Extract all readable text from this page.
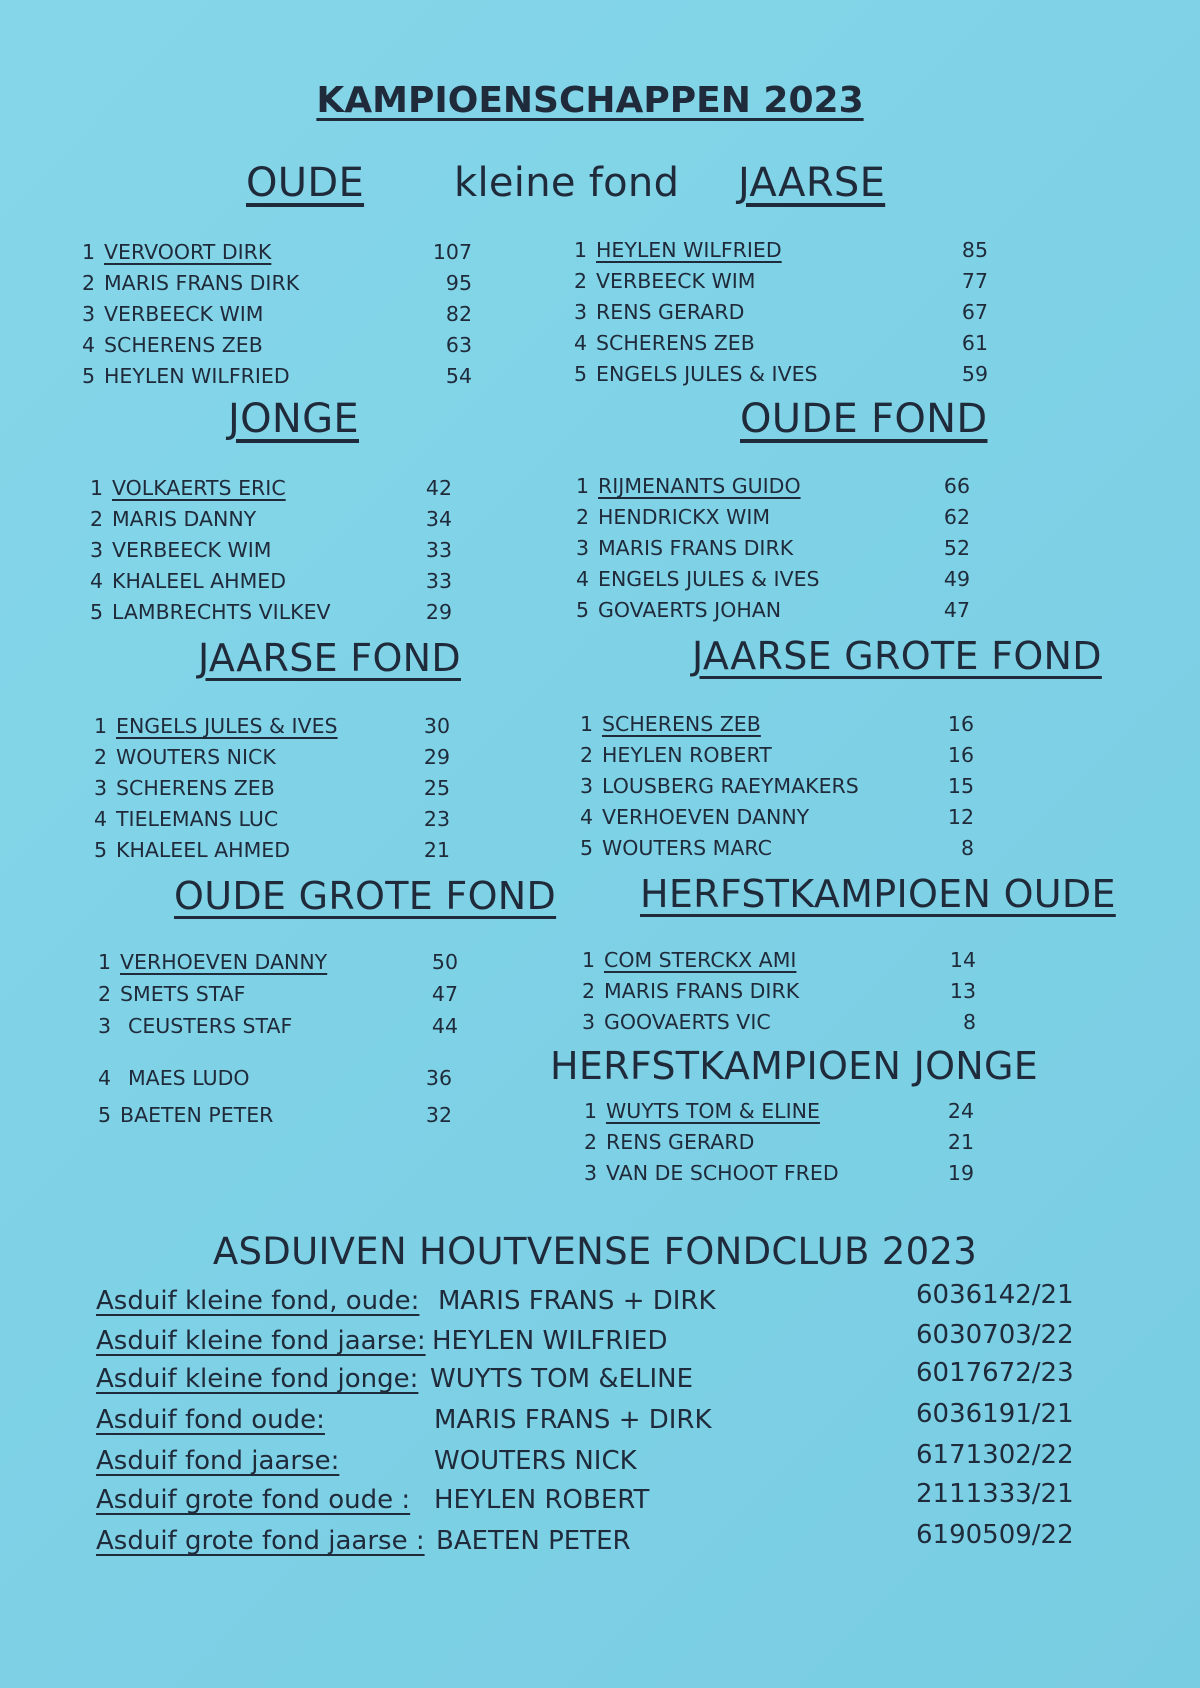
KAMPIOENSCHAPPEN 2023
OUDE kleine fond JAARSE
1 VERVOORT DIRK	107
2 MARIS FRANS DIRK	95
3 VERBEECK WIM	82
4 SCHERENS ZEB	63
5 HEYLEN WILFRIED	54
1 HEYLEN WILFRIED	85
2 VERBEECK WIM	77
3 RENS GERARD	67
4 SCHERENS ZEB	61
5 ENGELS JULES & IVES	59
JONGE	OUDE FOND
1 VOLKAERTS ERIC	42
2 MARIS DANNY	34
3 VERBEECK WIM	33
4 KHALEEL AHMED	33
5 LAMBRECHTS VILKEV	29
1 RIJMENANTS GUIDO	66
2 HENDRICKX WIM	62
3 MARIS FRANS DIRK	52
4 ENGELS JULES & IVES	49
5 GOVAERTS JOHAN	47
JAARSE FOND	JAARSE GROTE FOND
1 ENGELS JULES & IVES	30
2 WOUTERS NICK	29
3 SCHERENS ZEB	25
4 TIELEMANS LUC	23
5 KHALEEL AHMED	21
1 SCHERENS ZEB	16
2 HEYLEN ROBERT	16
3 LOUSBERG RAEYMAKERS	15
4 VERHOEVEN DANNY	12
5 WOUTERS MARC	8
OUDE GROTE FOND HERFSTKAMPIOEN OUDE
1 VERHOEVEN DANNY	50
2 SMETS STAF	47
3 CEUSTERS STAF	44
4 MAES LUDO	36
5 BAETEN PETER	32
1 COM STERCKX AMI	14
2 MARIS FRANS DIRK	13
3 GOOVAERTS VIC	8
HERFSTKAMPIOEN JONGE
1 WUYTS TOM & ELINE	24
2 RENS GERARD	21
3 VAN DE SCHOOT FRED	19
ASDUIVEN HOUTVENSE FONDCLUB 2023
Asduif kleine fond, oude: MARIS FRANS + DIRK	6036142/21
Asduif kleine fond jaarse: HEYLEN WILFRIED	6030703/22
Asduif kleine fond jonge: WUYTS TOM &ELINE	6017672/23
Asduif fond oude:	MARIS FRANS + DIRK	6036191/21
Asduif fond jaarse:	WOUTERS NICK	6171302/22
Asduif grote fond oude : HEYLEN ROBERT	2111333/21
Asduif grote fond jaarse : BAETEN PETER	6190509/22
